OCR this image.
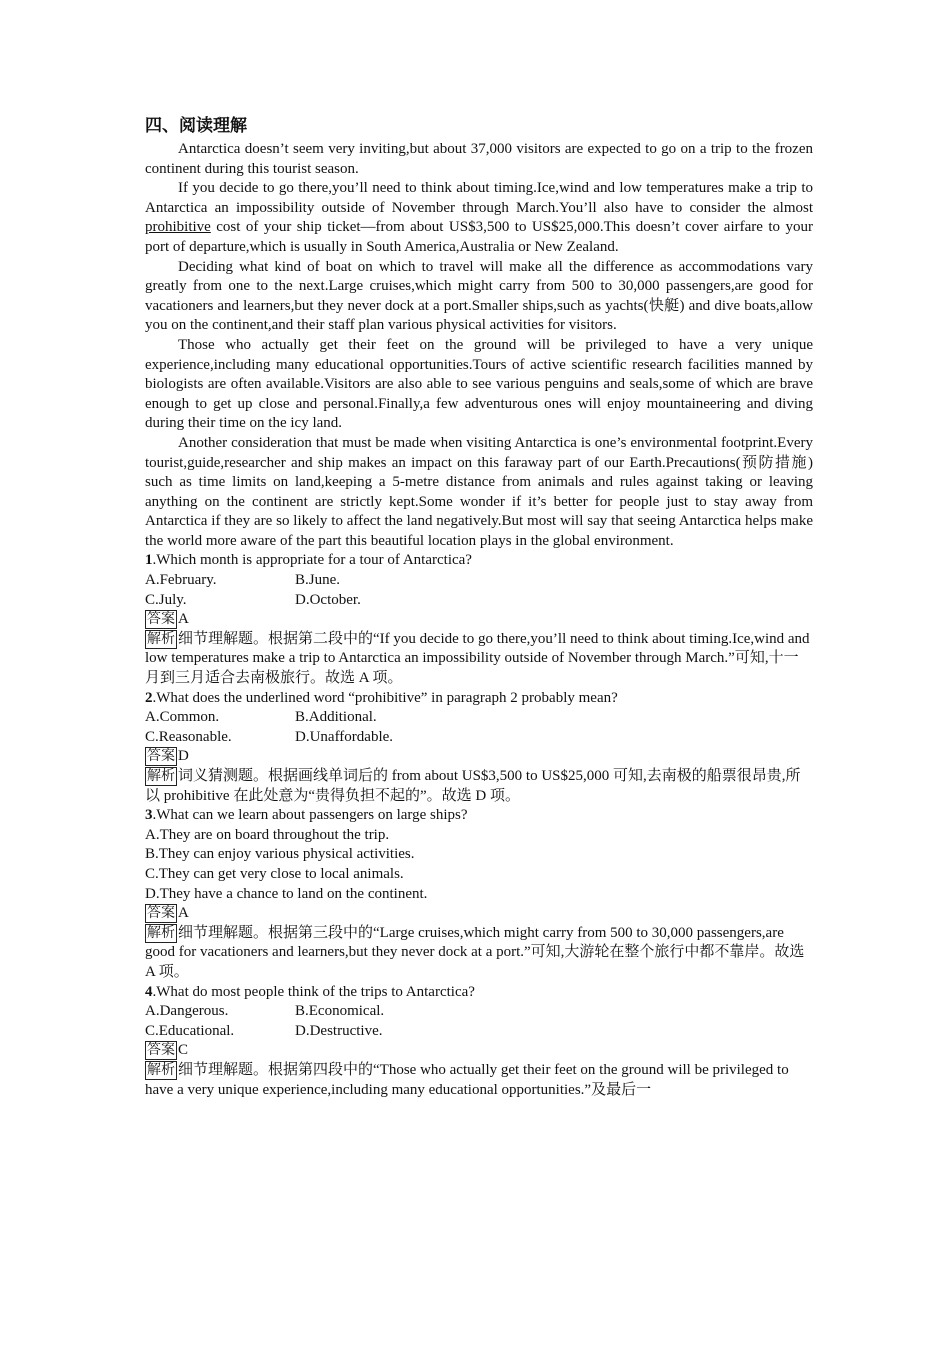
四、阅读理解

Antarctica doesn’t seem very inviting,but about 37,000 visitors are expected to go on a trip to the frozen continent during this tourist season.

If you decide to go there,you’ll need to think about timing.Ice,wind and low temperatures make a trip to Antarctica an impossibility outside of November through March.You’ll also have to consider the almost prohibitive cost of your ship ticket—from about US$3,500 to US$25,000.This doesn’t cover airfare to your port of departure,which is usually in South America,Australia or New Zealand.

Deciding what kind of boat on which to travel will make all the difference as accommodations vary greatly from one to the next.Large cruises,which might carry from 500 to 30,000 passengers,are good for vacationers and learners,but they never dock at a port.Smaller ships,such as yachts(快艇) and dive boats,allow you on the continent,and their staff plan various physical activities for visitors.

Those who actually get their feet on the ground will be privileged to have a very unique experience,including many educational opportunities.Tours of active scientific research facilities manned by biologists are often available.Visitors are also able to see various penguins and seals,some of which are brave enough to get up close and personal.Finally,a few adventurous ones will enjoy mountaineering and diving during their time on the icy land.

Another consideration that must be made when visiting Antarctica is one’s environmental footprint.Every tourist,guide,researcher and ship makes an impact on this faraway part of our Earth.Precautions(预防措施) such as time limits on land,keeping a 5-metre distance from animals and rules against taking or leaving anything on the continent are strictly kept.Some wonder if it’s better for people just to stay away from Antarctica if they are so likely to affect the land negatively.But most will say that seeing Antarctica helps make the world more aware of the part this beautiful location plays in the global environment.

1.Which month is appropriate for a tour of Antarctica?

A.February.	B.June.
C.July.	D.October.

答案 A

解析 细节理解题。根据第二段中的“If you decide to go there,you’ll need to think about timing.Ice,wind and low temperatures make a trip to Antarctica an impossibility outside of November through March.”可知,十一月到三月适合去南极旅行。故选 A 项。

2.What does the underlined word “prohibitive” in paragraph 2 probably mean?

A.Common.	B.Additional.
C.Reasonable.	D.Unaffordable.

答案 D

解析 词义猜测题。根据画线单词后的 from about US$3,500 to US$25,000 可知,去南极的船票很昂贵,所以 prohibitive 在此处意为“贵得负担不起的”。故选 D 项。

3.What can we learn about passengers on large ships?

A.They are on board throughout the trip.
B.They can enjoy various physical activities.
C.They can get very close to local animals.
D.They have a chance to land on the continent.

答案 A

解析 细节理解题。根据第三段中的“Large cruises,which might carry from 500 to 30,000 passengers,are good for vacationers and learners,but they never dock at a port.”可知,大游轮在整个旅行中都不靠岸。故选 A 项。

4.What do most people think of the trips to Antarctica?

A.Dangerous.	B.Economical.
C.Educational.	D.Destructive.

答案 C

解析 细节理解题。根据第四段中的“Those who actually get their feet on the ground will be privileged to have a very unique experience,including many educational opportunities.”及最后一
